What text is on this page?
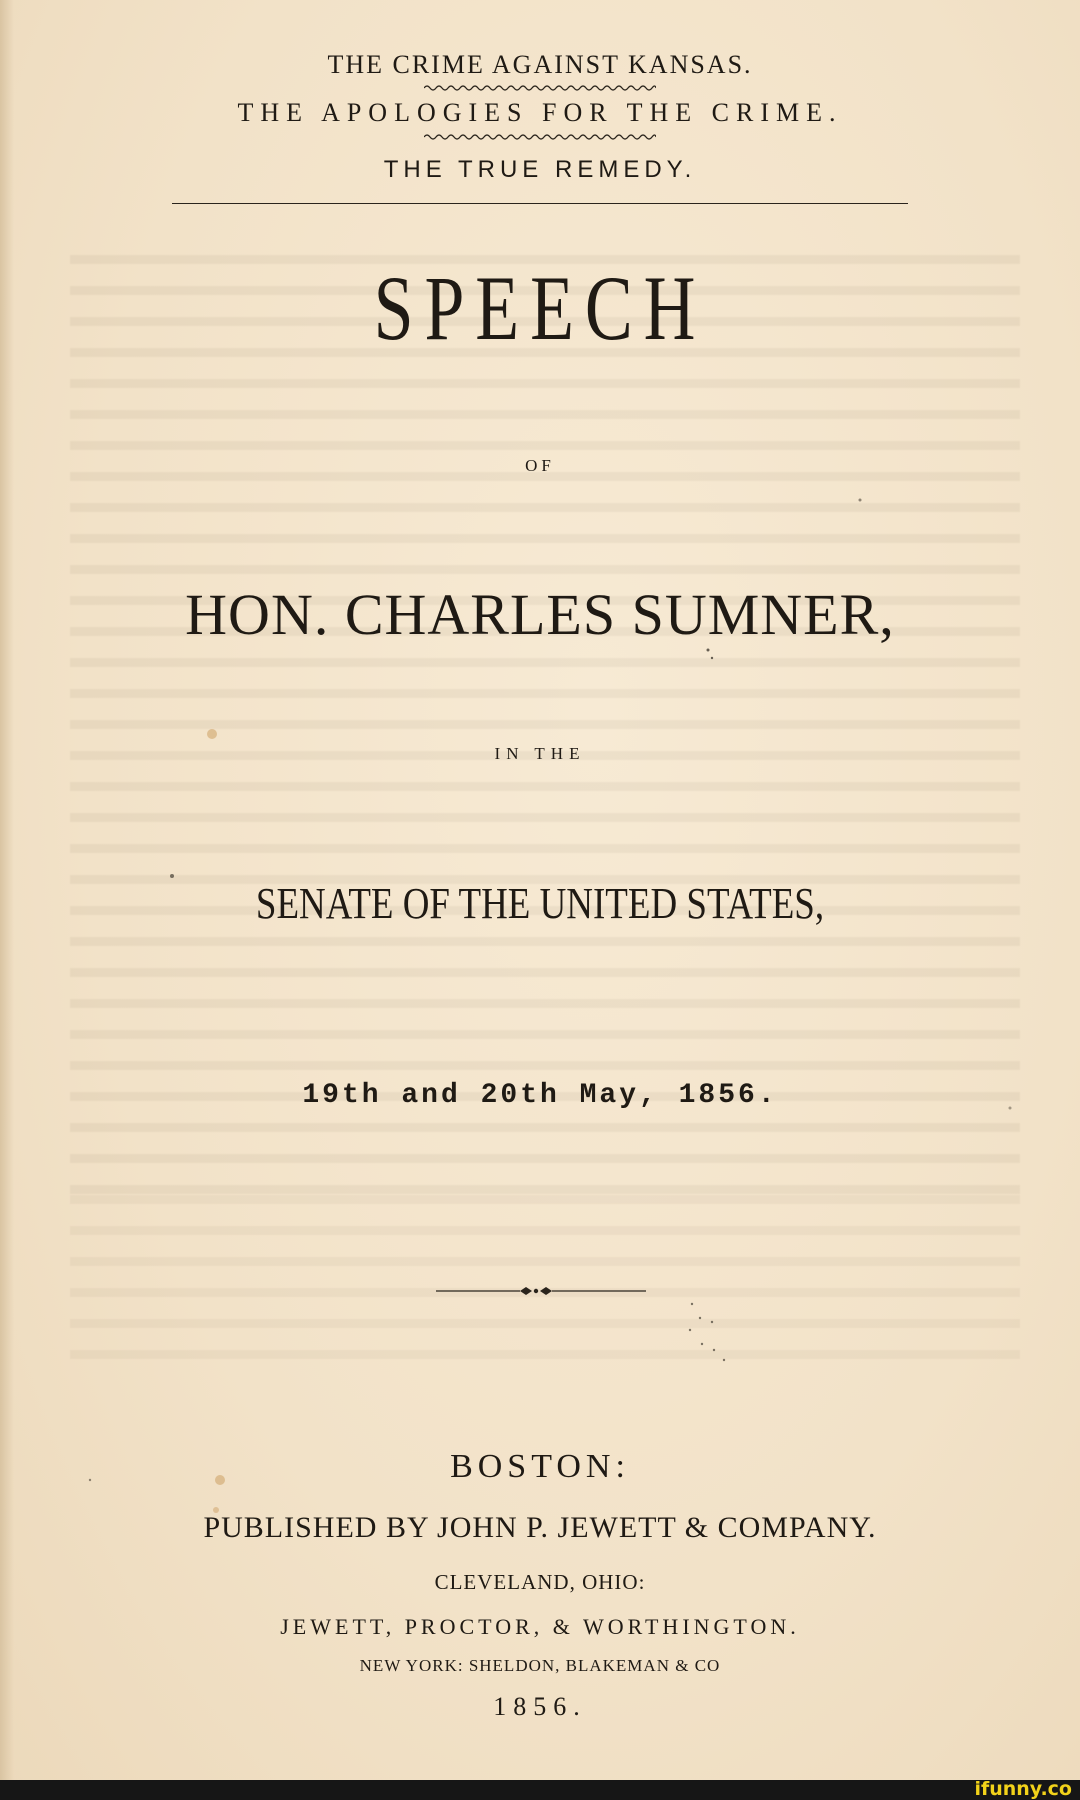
THE CRIME AGAINST KANSAS.
THE APOLOGIES FOR THE CRIME.
THE TRUE REMEDY.
SPEECH
OF
HON. CHARLES SUMNER,
IN THE
SENATE OF THE UNITED STATES,
19th and 20th May, 1856.
BOSTON:
PUBLISHED BY JOHN P. JEWETT & COMPANY.
CLEVELAND, OHIO:
JEWETT, PROCTOR, & WORTHINGTON.
NEW YORK: SHELDON, BLAKEMAN & CO
1856.
ifunny.co
